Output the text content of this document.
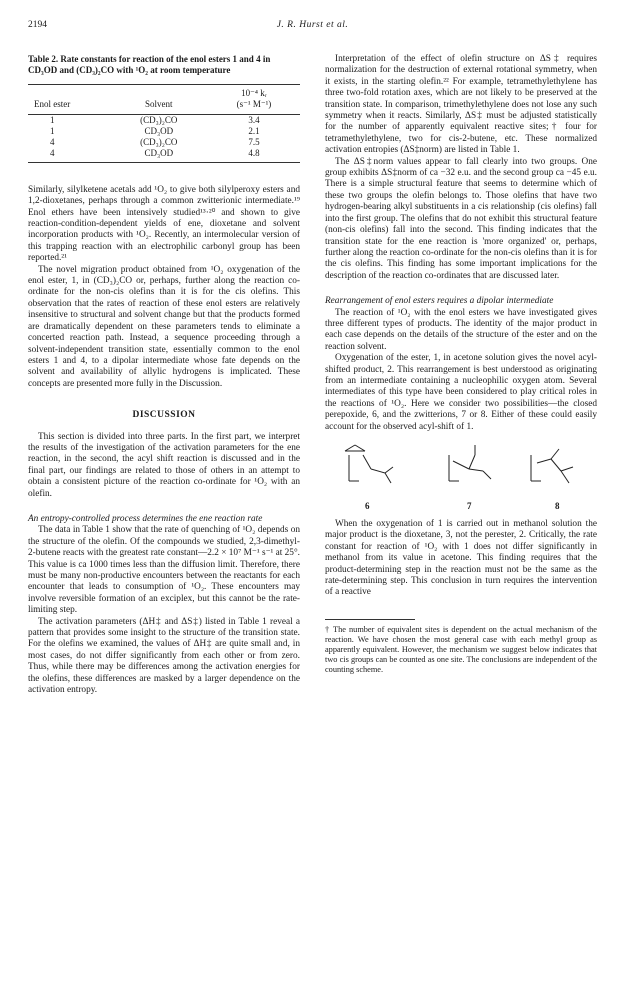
2194	J. R. Hurst et al.
Table 2. Rate constants for reaction of the enol esters 1 and 4 in CD₃OD and (CD₃)₂CO with ¹O₂ at room temperature
Enol ester	Solvent	10⁻⁴ kᵣ
(s⁻¹ M⁻¹)

1	(CD₃)₂CO	3.4
1	CD₃OD	2.1
4	(CD₃)₂CO	7.5
4	CD₃OD	4.8

Similarly, silylketene acetals add ¹O₂ to give both silylperoxy esters and 1,2-dioxetanes, perhaps through a common zwitterionic intermediate.¹⁹ Enol ethers have been intensively studied¹³·²⁰ and shown to give reaction-condition-dependent yields of ene, dioxetane and solvent incorporation products with ¹O₂. Recently, an intermolecular version of this trapping reaction with an electrophilic carbonyl group has been reported.²¹

The novel migration product obtained from ¹O₂ oxygenation of the enol ester, 1, in (CD₃)₂CO or, perhaps, further along the reaction co-ordinate for the non-cis olefins than it is for the cis olefins. This observation that the rates of reaction of these enol esters are relatively insensitive to structural and solvent change but that the products formed are dramatically dependent on these parameters tends to eliminate a concerted reaction path. Instead, a sequence proceeding through a solvent-independent transition state, essentially common to the enol esters 1 and 4, to a dipolar intermediate whose fate depends on the solvent and availability of allylic hydrogens is implicated. These concepts are presented more fully in the Discussion.

DISCUSSION

This section is divided into three parts. In the first part, we interpret the results of the investigation of the activation parameters for the ene reaction, in the second, the acyl shift reaction is discussed and in the final part, our findings are related to those of others in an attempt to obtain a consistent picture of the reaction co-ordinate for ¹O₂ with an olefin.

An entropy-controlled process determines the ene reaction rate

The data in Table 1 show that the rate of quenching of ¹O₂ depends on the structure of the olefin. Of the compounds we studied, 2,3-dimethyl-2-butene reacts with the greatest rate constant—2.2 × 10⁷ M⁻¹ s⁻¹ at 25°. This value is ca 1000 times less than the diffusion limit. Therefore, there must be many non-productive encounters between the reactants for each encounter that leads to consumption of ¹O₂. These encounters may involve reversible formation of an exciplex, but this cannot be the rate-limiting step.

The activation parameters (ΔH‡ and ΔS‡) listed in Table 1 reveal a pattern that provides some insight to the structure of the transition state. For the olefins we examined, the values of ΔH‡ are quite small and, in most cases, do not differ significantly from each other or from zero. Thus, while there may be differences among the activation energies for the olefins, these differences are masked by a larger dependence on the activation entropy.

Interpretation of the effect of olefin structure on ΔS‡ requires normalization for the destruction of external rotational symmetry, when it exists, in the starting olefin.²² For example, tetramethylethylene has three two-fold rotation axes, which are not likely to be preserved at the transition state. In comparison, trimethylethylene does not lose any such symmetry when it reacts. Similarly, ΔS‡ must be adjusted statistically for the number of apparently equivalent reactive sites;† four for tetramethylethylene, two for cis-2-butene, etc. These normalized activation entropies (ΔS‡norm) are listed in Table 1.

The ΔS‡norm values appear to fall clearly into two groups. One group exhibits ΔS‡norm of ca −32 e.u. and the second group ca −45 e.u. There is a simple structural feature that seems to determine which of these two groups the olefin belongs to. Those olefins that have two hydrogen-bearing alkyl substituents in a cis relationship (cis olefins) fall into the first group. The olefins that do not exhibit this structural feature (non-cis olefins) fall into the second. This finding indicates that the transition state for the ene reaction is 'more organized' or, perhaps, further along the reaction co-ordinate for the non-cis olefins than it is for the cis olefins. This finding has some important implications for the description of the reaction co-ordinates that are discussed later.

Rearrangement of enol esters requires a dipolar intermediate

The reaction of ¹O₂ with the enol esters we have investigated gives three different types of products. The identity of the major product in each case depends on the details of the structure of the ester and on the reaction solvent.

Oxygenation of the ester, 1, in acetone solution gives the novel acyl-shifted product, 2. This rearrangement is best understood as originating from an intermediate containing a nucleophilic oxygen atom. Several intermediates of this type have been considered to play critical roles in the reactions of ¹O₂. Here we consider two possibilities—the closed perepoxide, 6, and the zwitterions, 7 or 8. Either of these could easily account for the observed acyl-shift of 1.

6	7	8

When the oxygenation of 1 is carried out in methanol solution the major product is the dioxetane, 3, not the perester, 2. Critically, the rate constant for reaction of ¹O₂ with 1 does not differ significantly in methanol from its value in acetone. This finding requires that the product-determining step in the reaction must not be the same as the rate-determining step. This conclusion in turn requires the intervention of a reactive

† The number of equivalent sites is dependent on the actual mechanism of the reaction. We have chosen the most general case with each methyl group as apparently equivalent. However, the mechanism we suggest below indicates that two cis groups can be counted as one site. The conclusions are independent of the counting scheme.
